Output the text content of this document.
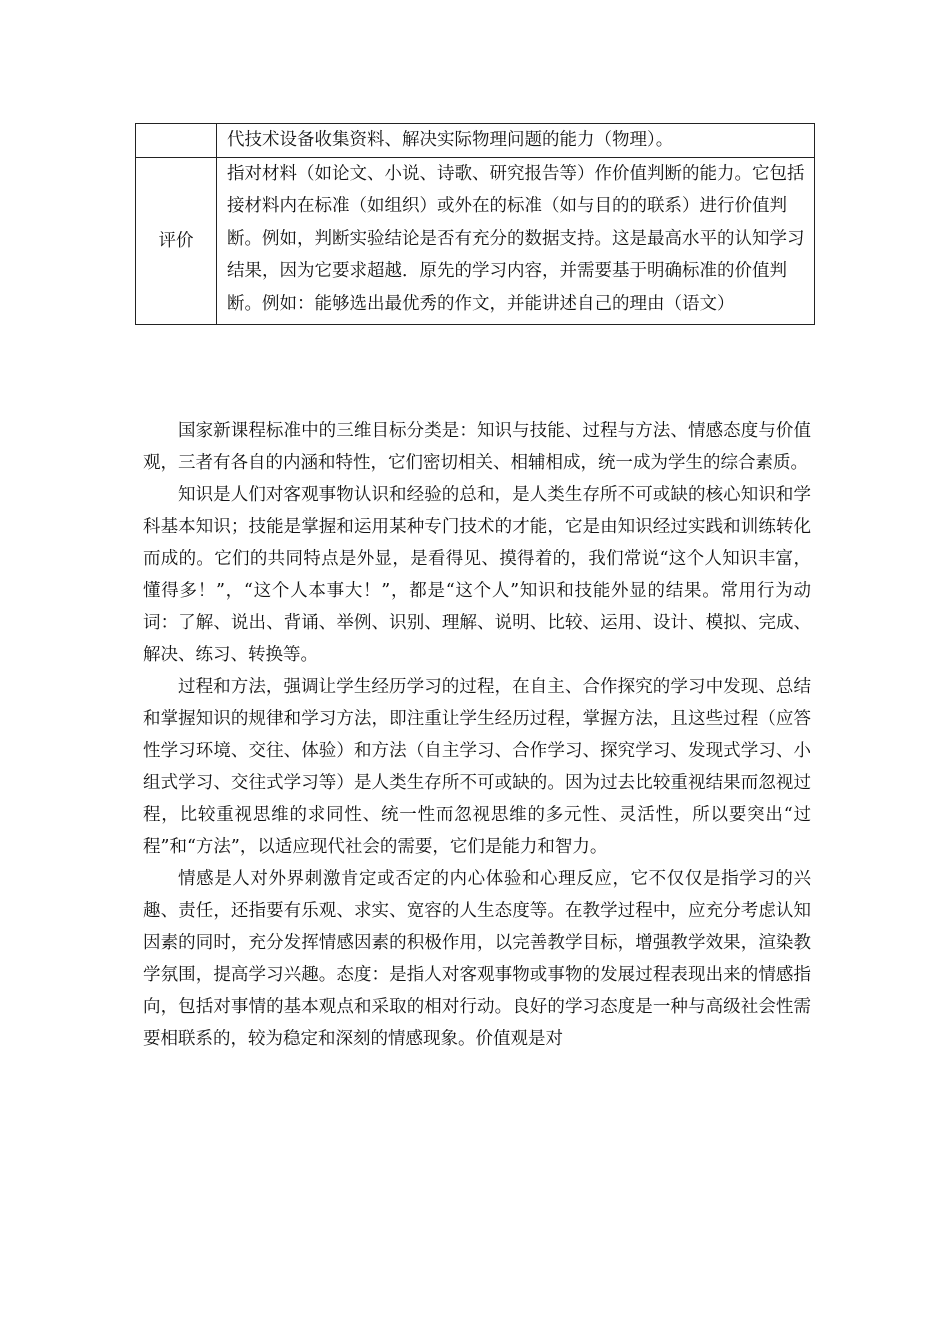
	代技术设备收集资料、解决实际物理问题的能力（物理）。
评价	指对材料（如论文、小说、诗歌、研究报告等）作价值判断的能力。它包括接材料内在标准（如组织）或外在的标准（如与目的的联系）进行价值判断。例如，判断实验结论是否有充分的数据支持。这是最高水平的认知学习结果，因为它要求超越．原先的学习内容，并需要基于明确标准的价值判断。例如：能够选出最优秀的作文，并能讲述自己的理由（语文）

国家新课程标准中的三维目标分类是：知识与技能、过程与方法、情感态度与价值观，三者有各自的内涵和特性，它们密切相关、相辅相成，统一成为学生的综合素质。

知识是人们对客观事物认识和经验的总和，是人类生存所不可或缺的核心知识和学科基本知识；技能是掌握和运用某种专门技术的才能，它是由知识经过实践和训练转化而成的。它们的共同特点是外显，是看得见、摸得着的，我们常说“这个人知识丰富，懂得多！”，“这个人本事大！”，都是“这个人”知识和技能外显的结果。常用行为动词：了解、说出、背诵、举例、识别、理解、说明、比较、运用、设计、模拟、完成、解决、练习、转换等。

过程和方法，强调让学生经历学习的过程，在自主、合作探究的学习中发现、总结和掌握知识的规律和学习方法，即注重让学生经历过程，掌握方法，且这些过程（应答性学习环境、交往、体验）和方法（自主学习、合作学习、探究学习、发现式学习、小组式学习、交往式学习等）是人类生存所不可或缺的。因为过去比较重视结果而忽视过程，比较重视思维的求同性、统一性而忽视思维的多元性、灵活性，所以要突出“过程”和“方法”，以适应现代社会的需要，它们是能力和智力。

情感是人对外界刺激肯定或否定的内心体验和心理反应，它不仅仅是指学习的兴趣、责任，还指要有乐观、求实、宽容的人生态度等。在教学过程中，应充分考虑认知因素的同时，充分发挥情感因素的积极作用，以完善教学目标，增强教学效果，渲染教学氛围，提高学习兴趣。态度：是指人对客观事物或事物的发展过程表现出来的情感指向，包括对事情的基本观点和采取的相对行动。良好的学习态度是一种与高级社会性需要相联系的，较为稳定和深刻的情感现象。价值观是对
